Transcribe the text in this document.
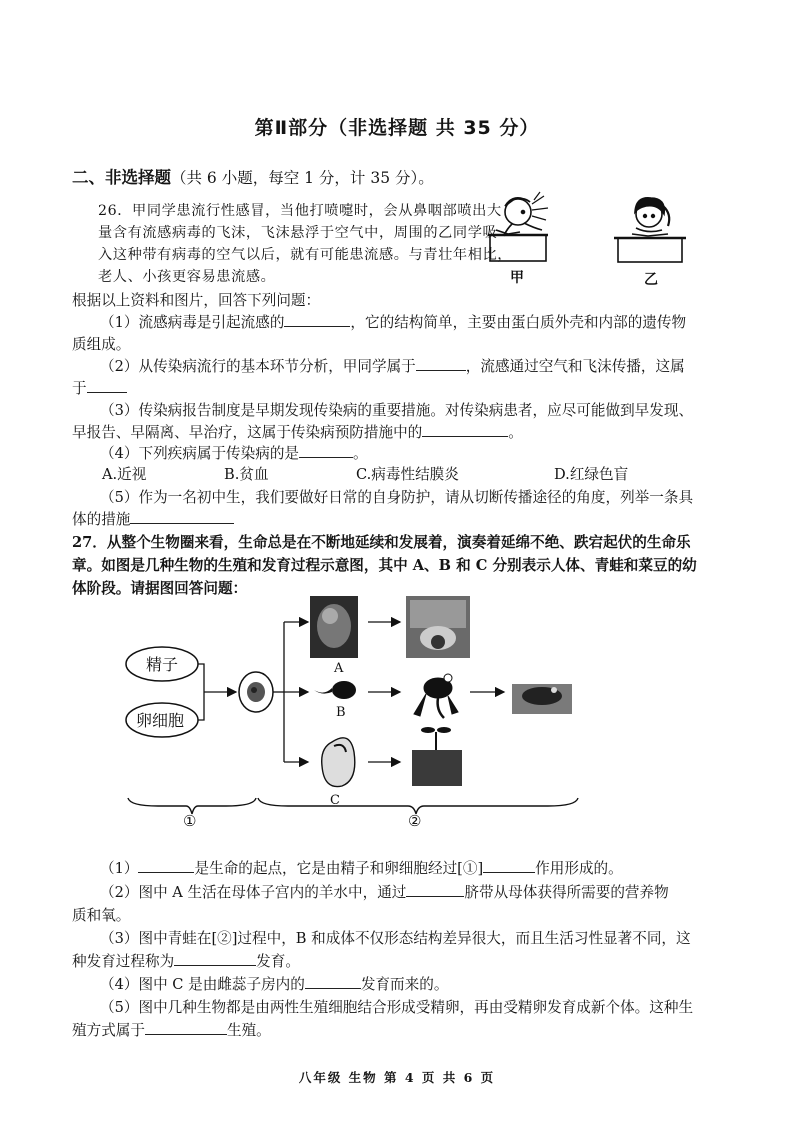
第Ⅱ部分（非选择题 共 35 分）
二、非选择题（共 6 小题，每空 1 分，计 35 分）。
26．甲同学患流行性感冒，当他打喷嚏时，会从鼻咽部喷出大
量含有流感病毒的飞沫，飞沫悬浮于空气中，周围的乙同学吸
入这种带有病毒的空气以后，就有可能患流感。与青壮年相比，
老人、小孩更容易患流感。	甲	乙
根据以上资料和图片，回答下列问题：
（1）流感病毒是引起流感的	，它的结构简单，主要由蛋白质外壳和内部的遗传物
质组成。
（2）从传染病流行的基本环节分析，甲同学属于	，流感通过空气和飞沫传播，这属
于
（3）传染病报告制度是早期发现传染病的重要措施。对传染病患者，应尽可能做到早发现、
早报告、早隔离、早治疗，这属于传染病预防措施中的	。
（4）下列疾病属于传染病的是	。
A.近视	B.贫血	C.病毒性结膜炎	D.红绿色盲
（5）作为一名初中生，我们要做好日常的自身防护，请从切断传播途径的角度，列举一条具
体的措施
27．从整个生物圈来看，生命总是在不断地延续和发展着，演奏着延绵不绝、跌宕起伏的生命乐
章。如图是几种生物的生殖和发育过程示意图，其中 A、B 和 C 分别表示人体、青蛙和菜豆的幼
体阶段。请据图回答问题：
精子
卵细胞
A
B
C
①	②
（1）	是生命的起点，它是由精子和卵细胞经过[①]	作用形成的。
（2）图中 A 生活在母体子宫内的羊水中，通过	脐带从母体获得所需要的营养物
质和氧。
（3）图中青蛙在[②]过程中，B 和成体不仅形态结构差异很大，而且生活习性显著不同，这
种发育过程称为	发育。
（4）图中 C 是由雌蕊子房内的	发育而来的。
（5）图中几种生物都是由两性生殖细胞结合形成受精卵，再由受精卵发育成新个体。这种生
殖方式属于	生殖。
八年级 生物 第 4 页 共 6 页
